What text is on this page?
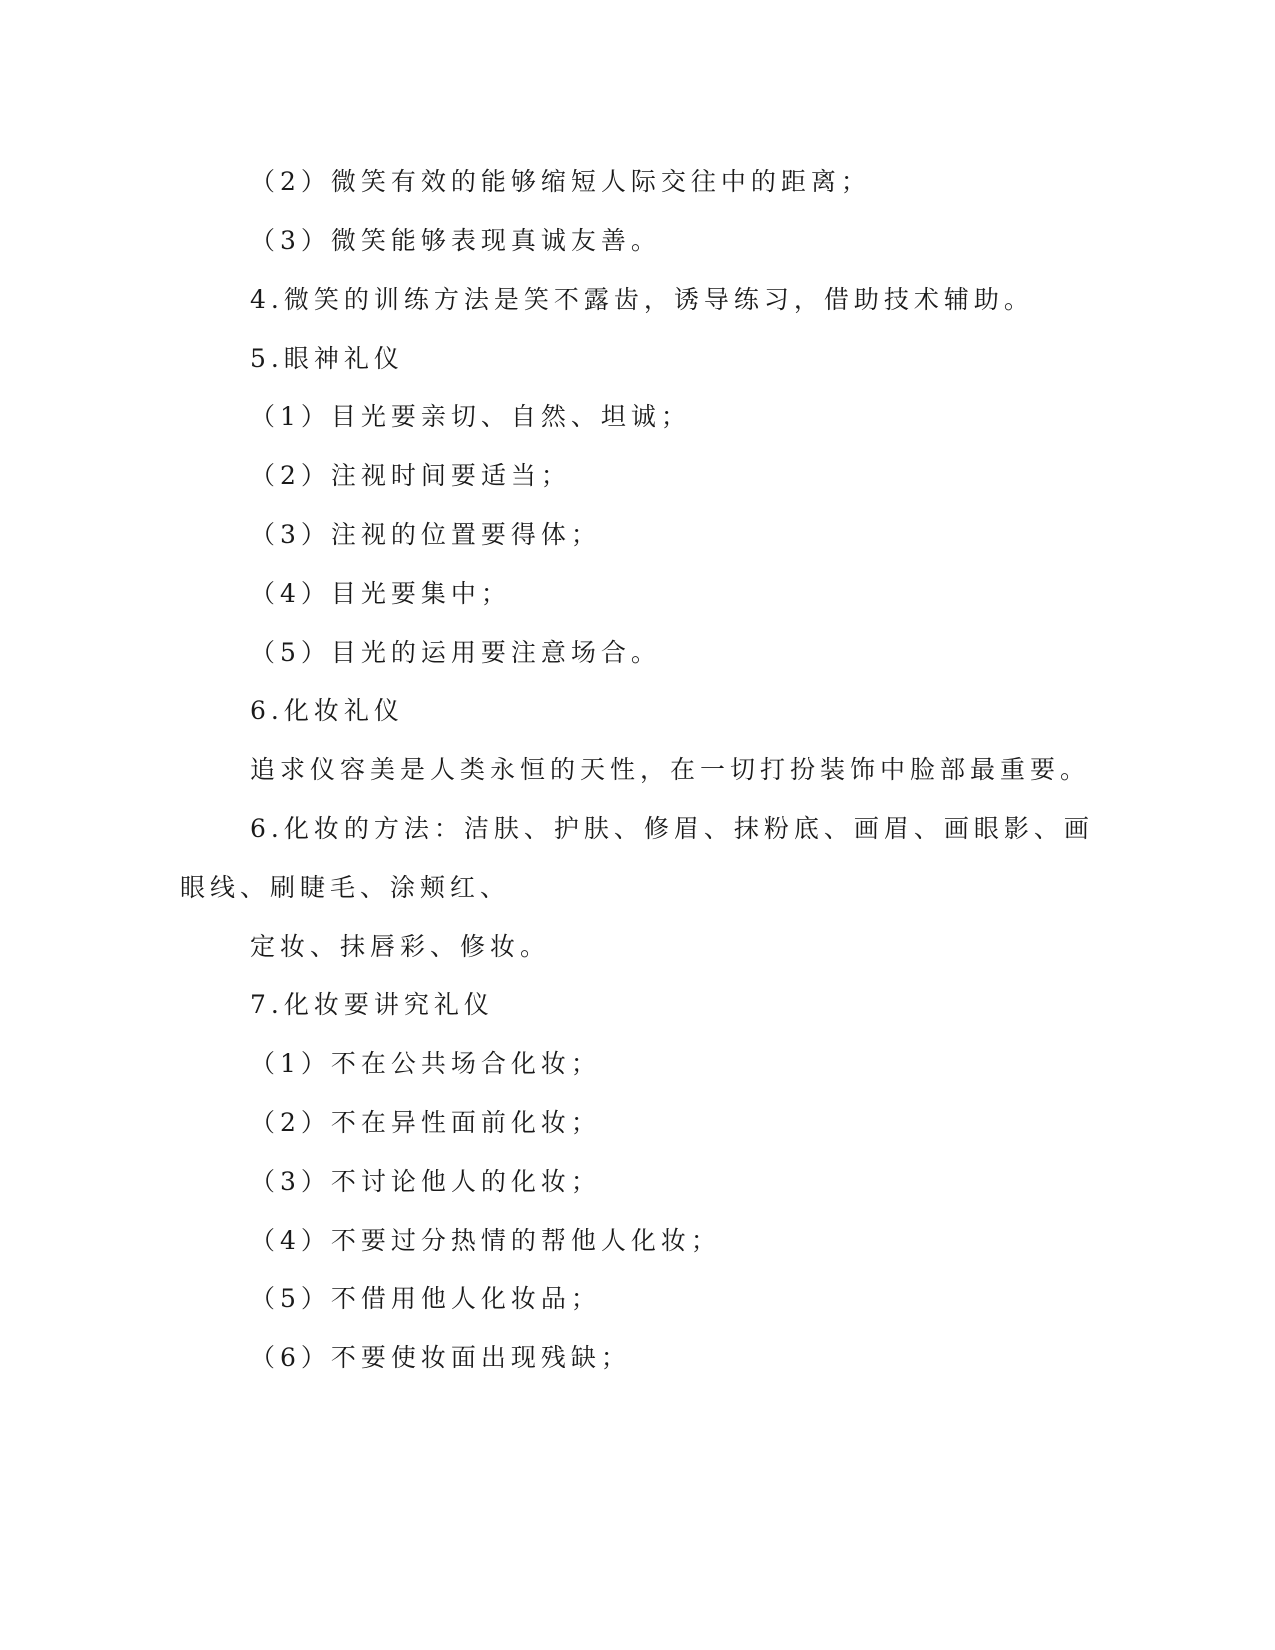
（2）微笑有效的能够缩短人际交往中的距离；
（3）微笑能够表现真诚友善。
4.微笑的训练方法是笑不露齿，诱导练习，借助技术辅助。
5.眼神礼仪
（1）目光要亲切、自然、坦诚；
（2）注视时间要适当；
（3）注视的位置要得体；
（4）目光要集中；
（5）目光的运用要注意场合。
6.化妆礼仪
追求仪容美是人类永恒的天性，在一切打扮装饰中脸部最重要。
6.化妆的方法：洁肤、护肤、修眉、抹粉底、画眉、画眼影、画
眼线、刷睫毛、涂颊红、
定妆、抹唇彩、修妆。
7.化妆要讲究礼仪
（1）不在公共场合化妆；
（2）不在异性面前化妆；
（3）不讨论他人的化妆；
（4）不要过分热情的帮他人化妆；
（5）不借用他人化妆品；
（6）不要使妆面出现残缺；
